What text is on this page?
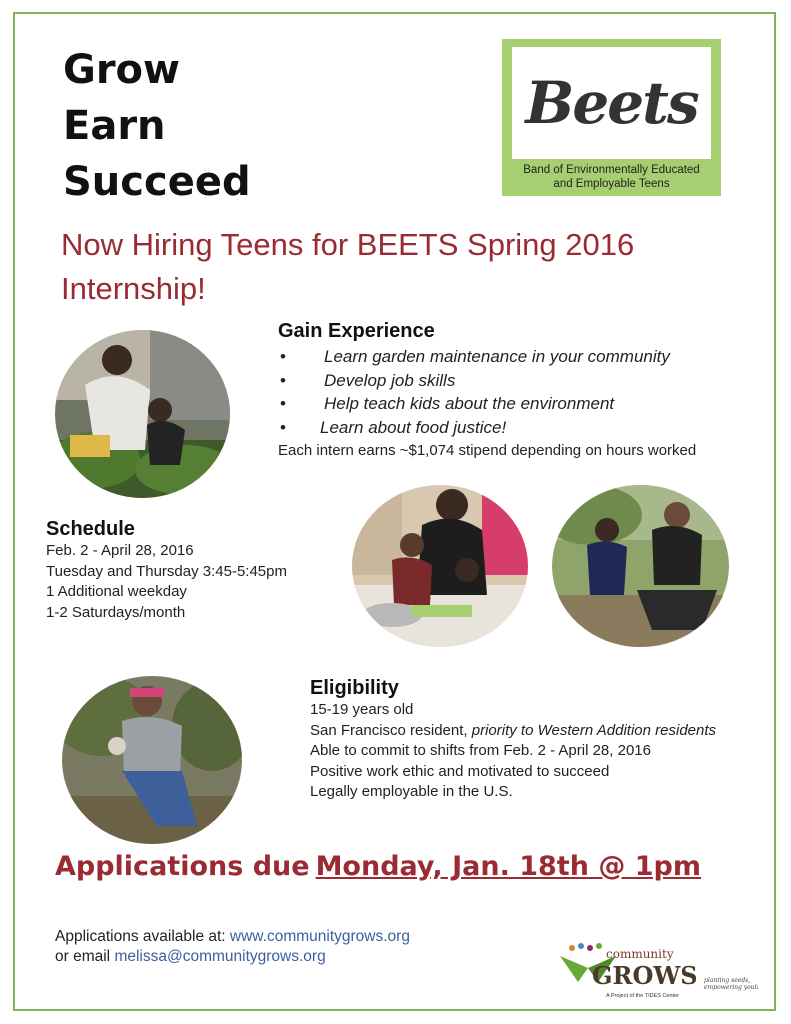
Grow
Earn
Succeed
Beets
Band of Environmentally Educated
and Employable Teens
Now Hiring Teens for BEETS Spring 2016 Internship!
Gain Experience
• Learn garden maintenance in your community
• Develop job skills
• Help teach kids about the environment
• Learn about food justice!
Each intern earns ~$1,074 stipend depending on hours worked
Schedule
Feb. 2 - April 28, 2016
Tuesday and Thursday 3:45-5:45pm
1 Additional weekday
1-2 Saturdays/month
Eligibility
15-19 years old
San Francisco resident, priority to Western Addition residents
Able to commit to shifts from Feb. 2 - April 28, 2016
Positive work ethic and motivated to succeed
Legally employable in the U.S.
Applications due Monday, Jan. 18th @ 1pm
Applications available at: www.communitygrows.org
or email melissa@communitygrows.org	community
GROWS planting seeds,
empowering youth
A Project of the TIDES Center
